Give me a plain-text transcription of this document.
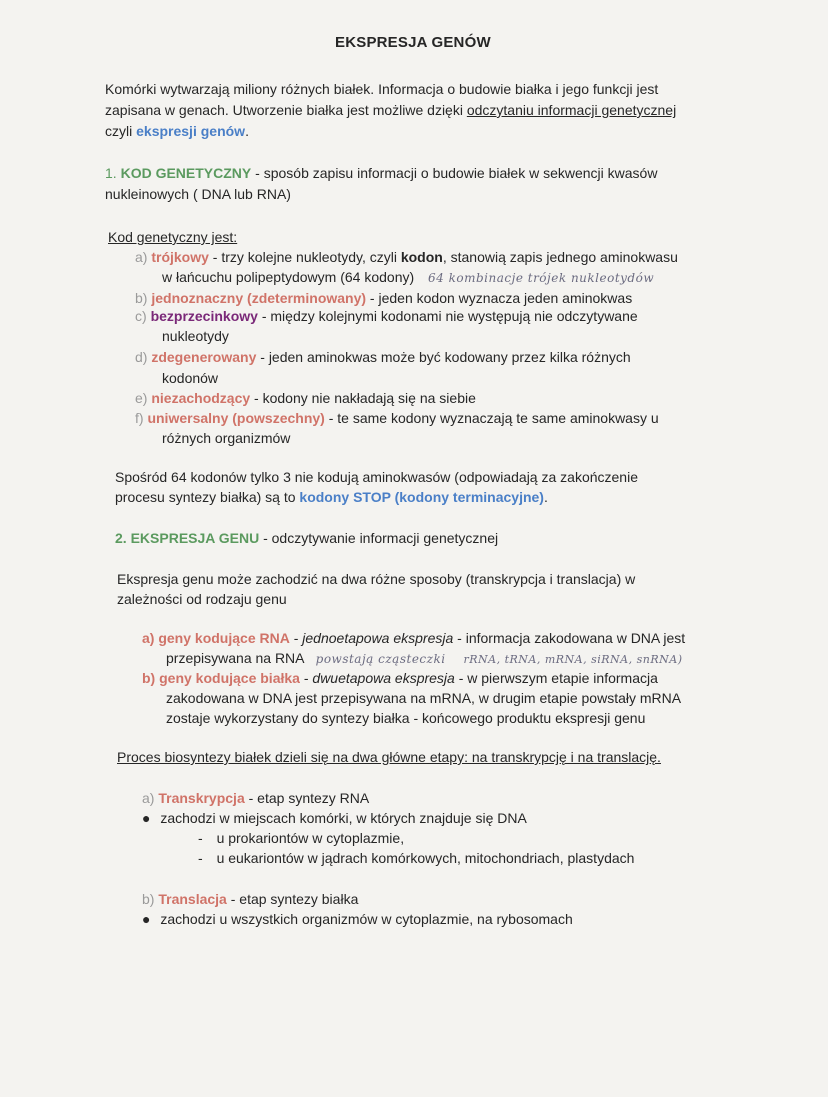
EKSPRESJA GENÓW
Komórki wytwarzają miliony różnych białek. Informacja o budowie białka i jego funkcji jest
zapisana w genach. Utworzenie białka jest możliwe dzięki odczytaniu informacji genetycznej
czyli ekspresji genów.
1. KOD GENETYCZNY - sposób zapisu informacji o budowie białek w sekwencji kwasów
nukleinowych ( DNA lub RNA)
Kod genetyczny jest:
a) trójkowy - trzy kolejne nukleotydy, czyli kodon, stanowią zapis jednego aminokwasu
w łańcuchu polipeptydowym (64 kodony) 64 kombinacje trójek nukleotydów
b) jednoznaczny (zdeterminowany) - jeden kodon wyznacza jeden aminokwas
c) bezprzecinkowy - między kolejnymi kodonami nie występują nie odczytywane
nukleotydy
d) zdegenerowany - jeden aminokwas może być kodowany przez kilka różnych
kodonów
e) niezachodzący - kodony nie nakładają się na siebie
f) uniwersalny (powszechny) - te same kodony wyznaczają te same aminokwasy u
różnych organizmów
Spośród 64 kodonów tylko 3 nie kodują aminokwasów (odpowiadają za zakończenie
procesu syntezy białka) są to kodony STOP (kodony terminacyjne).
2. EKSPRESJA GENU - odczytywanie informacji genetycznej
Ekspresja genu może zachodzić na dwa różne sposoby (transkrypcja i translacja) w
zależności od rodzaju genu
a) geny kodujące RNA - jednoetapowa ekspresja - informacja zakodowana w DNA jest
przepisywana na RNA powstają cząsteczki rRNA, tRNA, mRNA, siRNA, snRNA)
b) geny kodujące białka - dwuetapowa ekspresja - w pierwszym etapie informacja
zakodowana w DNA jest przepisywana na mRNA, w drugim etapie powstały mRNA
zostaje wykorzystany do syntezy białka - końcowego produktu ekspresji genu
Proces biosyntezy białek dzieli się na dwa główne etapy: na transkrypcję i na translację.
a) Transkrypcja - etap syntezy RNA
● zachodzi w miejscach komórki, w których znajduje się DNA
- u prokariontów w cytoplazmie,
- u eukariontów w jądrach komórkowych, mitochondriach, plastydach
b) Translacja - etap syntezy białka
● zachodzi u wszystkich organizmów w cytoplazmie, na rybosomach
